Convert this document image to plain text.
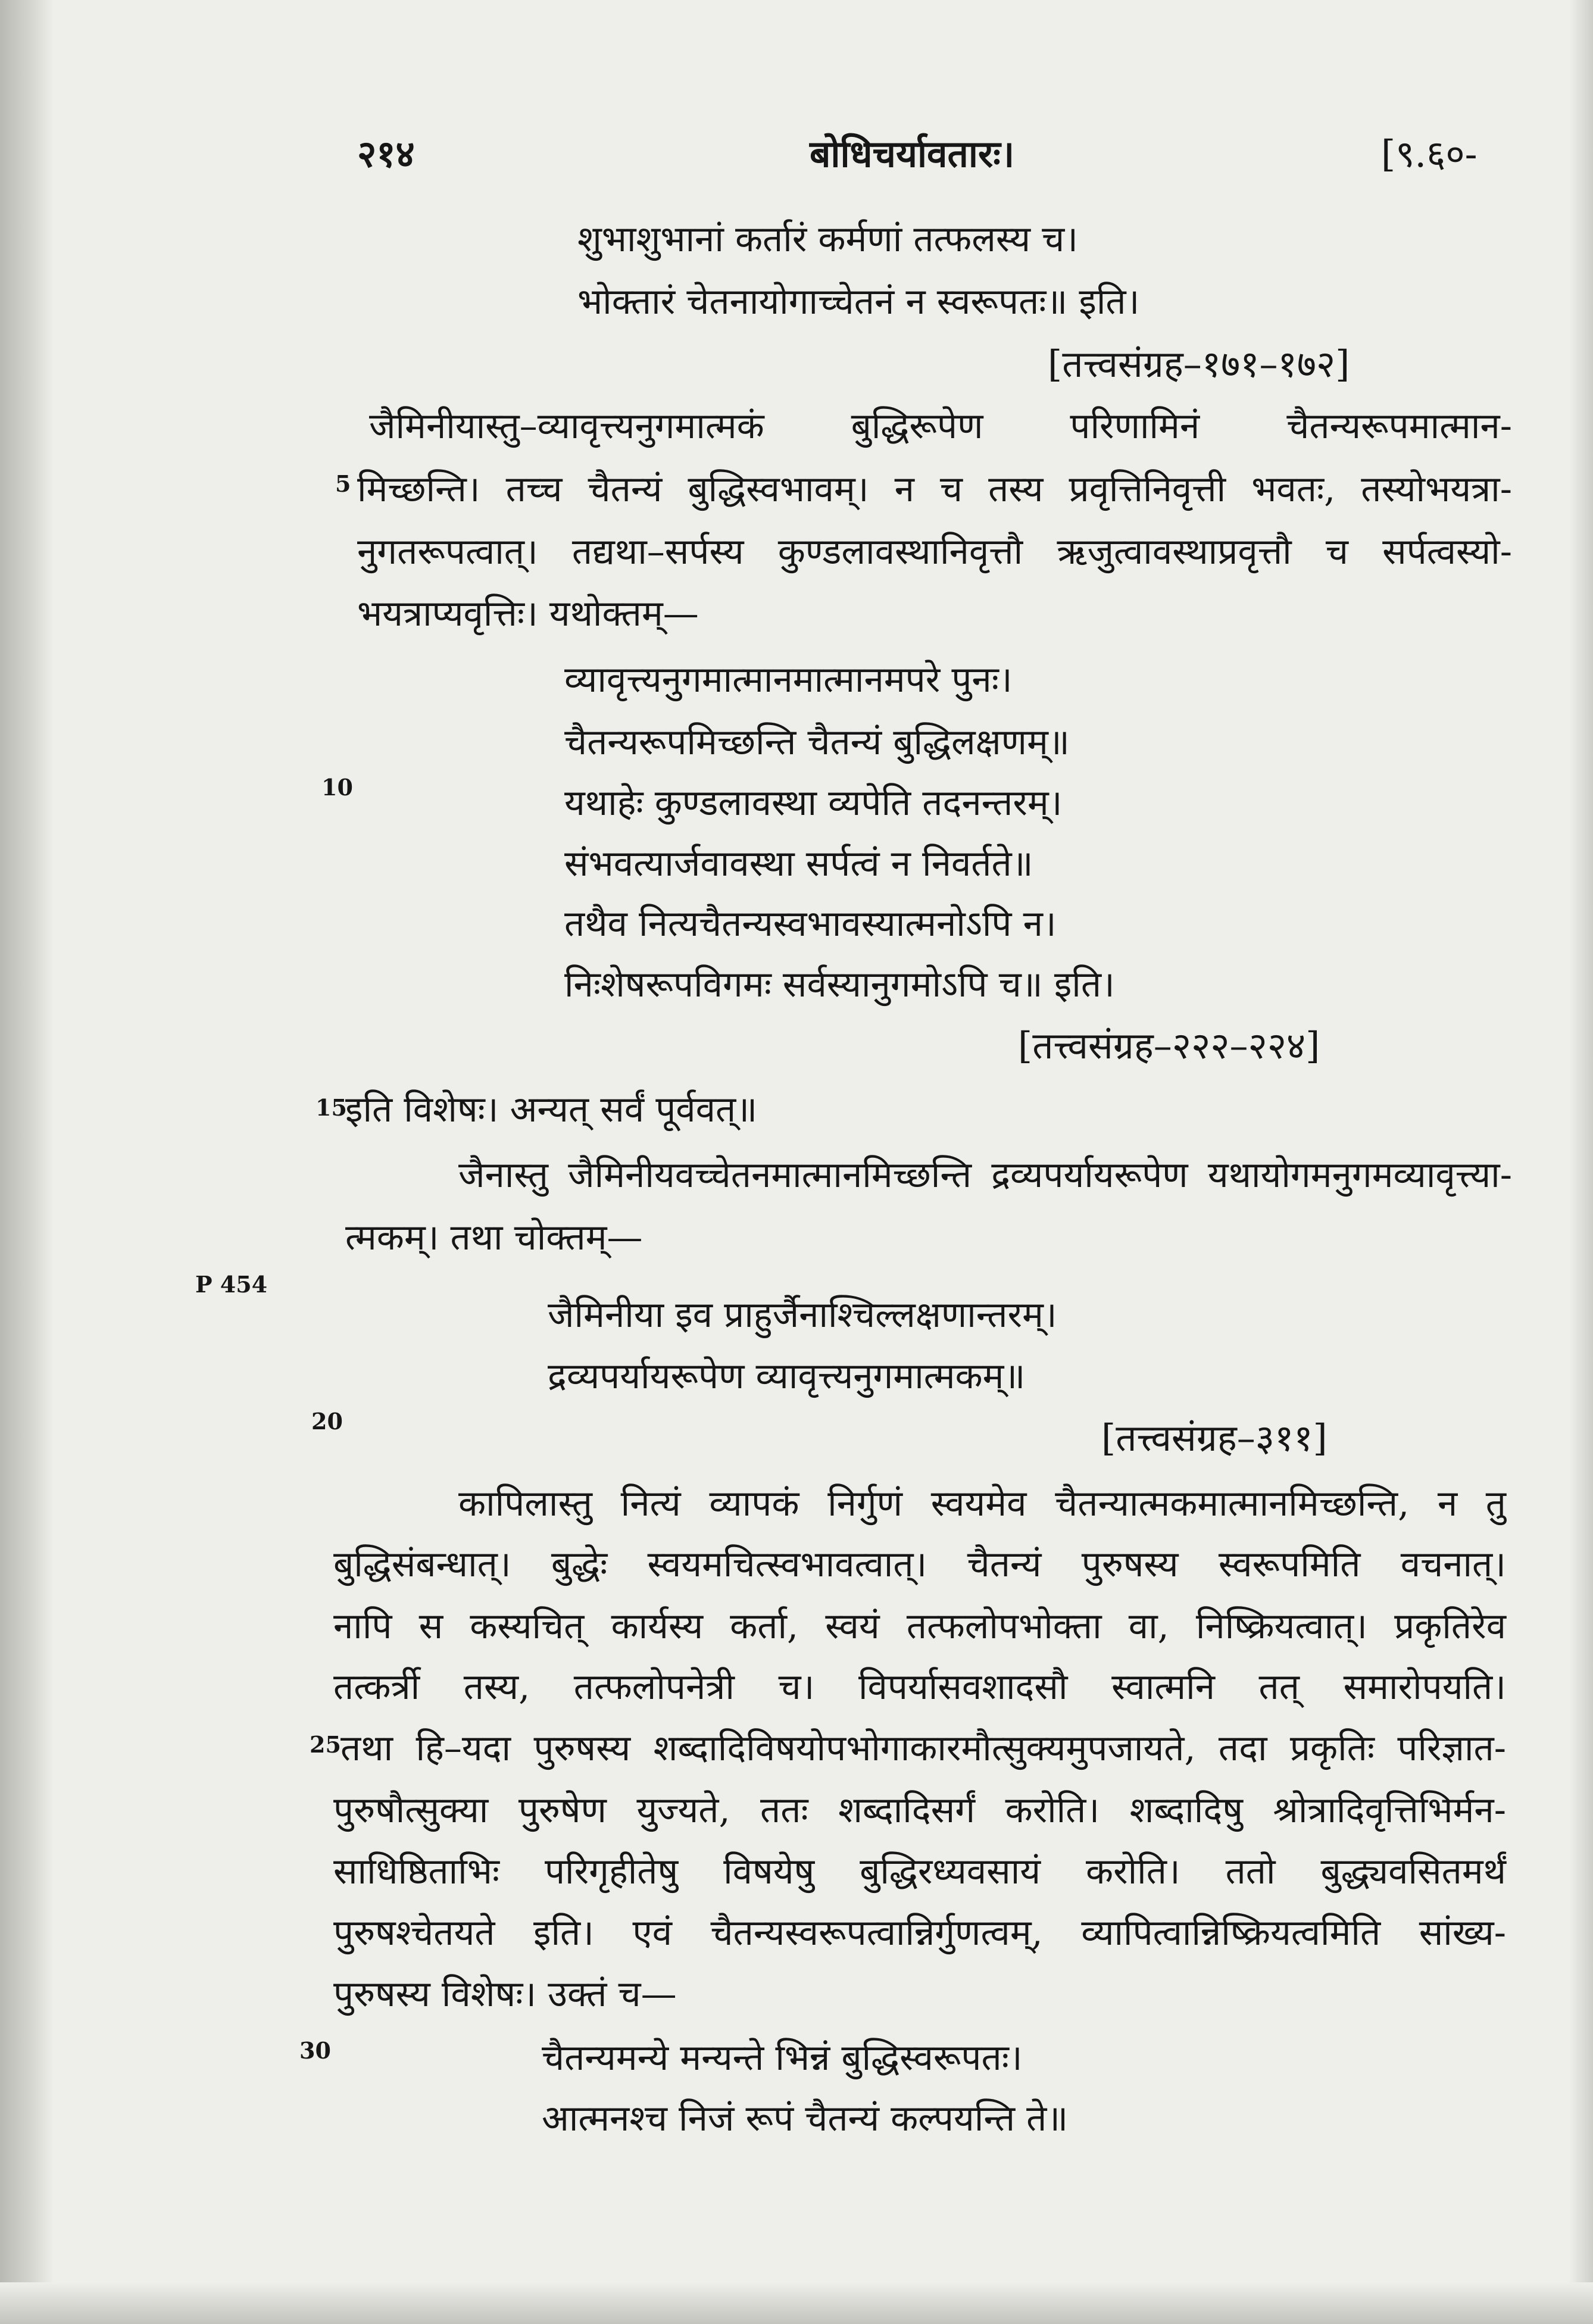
२१४	बोधिचर्यावतारः।	[९.६०-
शुभाशुभानां कर्तारं कर्मणां तत्फलस्य च।
भोक्तारं चेतनायोगाच्चेतनं न स्वरूपतः॥ इति।
[तत्त्वसंग्रह–१७१–१७२]
जैमिनीयास्तु–व्यावृत्त्यनुगमात्मकं बुद्धिरूपेण परिणामिनं चैतन्यरूपमात्मान-
5 मिच्छन्ति। तच्च चैतन्यं बुद्धिस्वभावम्। न च तस्य प्रवृत्तिनिवृत्ती भवतः, तस्योभयत्रा-
नुगतरूपत्वात्। तद्यथा–सर्पस्य कुण्डलावस्थानिवृत्तौ ऋजुत्वावस्थाप्रवृत्तौ च सर्पत्वस्यो-
भयत्राप्यवृत्तिः। यथोक्तम्—
व्यावृत्त्यनुगमात्मानमात्मानमपरे पुनः।
चैतन्यरूपमिच्छन्ति चैतन्यं बुद्धिलक्षणम्॥
10	यथाहेः कुण्डलावस्था व्यपेति तदनन्तरम्।
संभवत्यार्जवावस्था सर्पत्वं न निवर्तते॥
तथैव नित्यचैतन्यस्वभावस्यात्मनोऽपि न।
निःशेषरूपविगमः सर्वस्यानुगमोऽपि च॥ इति।
[तत्त्वसंग्रह–२२२–२२४]
15
इति विशेषः। अन्यत् सर्वं पूर्ववत्॥
जैनास्तु जैमिनीयवच्चेतनमात्मानमिच्छन्ति द्रव्यपर्यायरूपेण यथायोगमनुगमव्यावृत्त्या-
त्मकम्। तथा चोक्तम्—
P 454
जैमिनीया इव प्राहुर्जैनाश्चिल्लक्षणान्तरम्।
द्रव्यपर्यायरूपेण व्यावृत्त्यनुगमात्मकम्॥
20	[तत्त्वसंग्रह–३११]
कापिलास्तु नित्यं व्यापकं निर्गुणं स्वयमेव चैतन्यात्मकमात्मानमिच्छन्ति, न तु
बुद्धिसंबन्धात्। बुद्धेः स्वयमचित्स्वभावत्वात्। चैतन्यं पुरुषस्य स्वरूपमिति वचनात्।
नापि स कस्यचित् कार्यस्य कर्ता, स्वयं तत्फलोपभोक्ता वा, निष्क्रियत्वात्। प्रकृतिरेव
तत्कर्त्री तस्य, तत्फलोपनेत्री च। विपर्यासवशादसौ स्वात्मनि तत् समारोपयति।
25 तथा हि–यदा पुरुषस्य शब्दादिविषयोपभोगाकारमौत्सुक्यमुपजायते, तदा प्रकृतिः परिज्ञात-
पुरुषौत्सुक्या पुरुषेण युज्यते, ततः शब्दादिसर्गं करोति। शब्दादिषु श्रोत्रादिवृत्तिभिर्मन-
साधिष्ठिताभिः परिगृहीतेषु विषयेषु बुद्धिरध्यवसायं करोति। ततो बुद्ध्यवसितमर्थं
पुरुषश्चेतयते इति। एवं चैतन्यस्वरूपत्वान्निर्गुणत्वम्, व्यापित्वान्निष्क्रियत्वमिति सांख्य-
पुरुषस्य विशेषः। उक्तं च—
30	चैतन्यमन्ये मन्यन्ते भिन्नं बुद्धिस्वरूपतः।
आत्मनश्च निजं रूपं चैतन्यं कल्पयन्ति ते॥
